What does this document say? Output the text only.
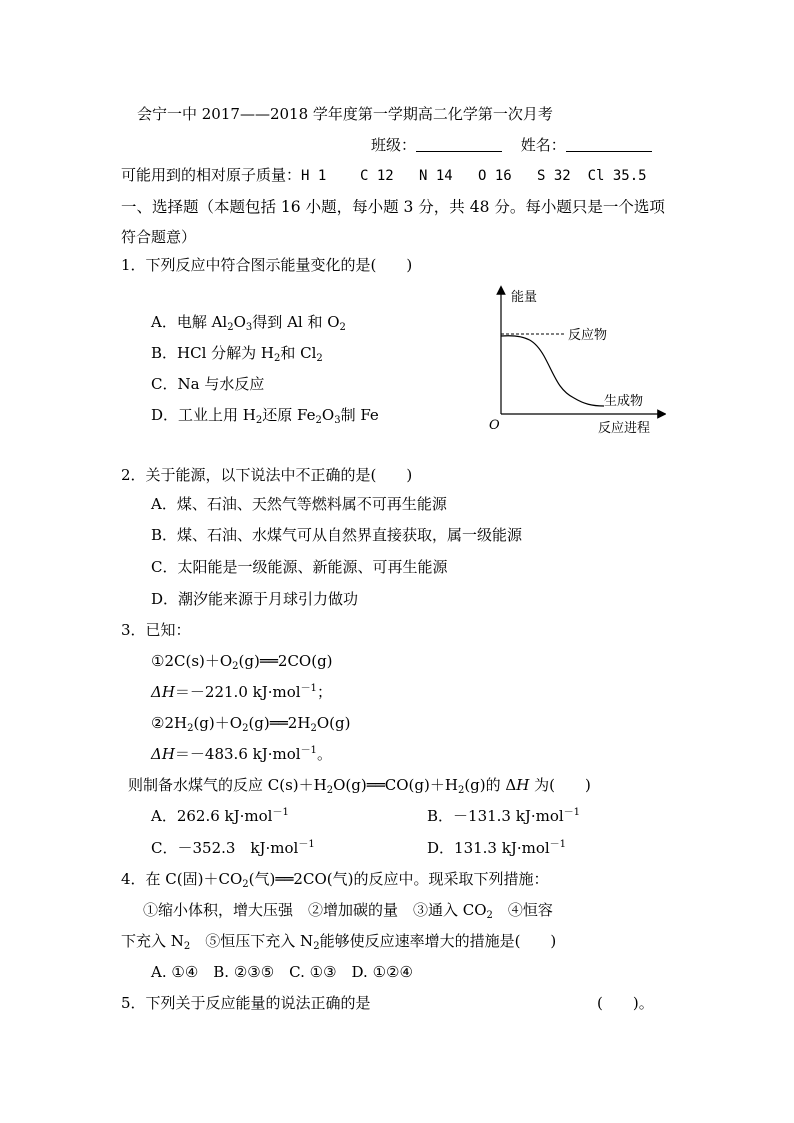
会宁一中 2017——2018 学年度第一学期高二化学第一次月考
班级：	姓名：
可能用到的相对原子质量：H 1    C 12   N 14   O 16   S 32  Cl 35.5
一、选择题（本题包括 16 小题，每小题 3 分，共 48 分。每小题只是一个选项
符合题意）
1．下列反应中符合图示能量变化的是(　　)
A．电解 $Al_2O_3$得到 Al 和 $O_2$
B．HCl 分解为 $H_2$和 $Cl_2$
C．Na 与水反应
D．工业上用 $H_2$还原 $Fe_2O_3$制 Fe
能量
反应物
生成物
O	反应进程
2．关于能源，以下说法中不正确的是(　　)
A．煤、石油、天然气等燃料属不可再生能源
B．煤、石油、水煤气可从自然界直接获取，属一级能源
C．太阳能是一级能源、新能源、可再生能源
D．潮汐能来源于月球引力做功
3．已知：
$①2C(s)+O_2(g)══2CO(g)$
ΔH＝－221.0 kJ·mol$^{-1}$；
$②2H_2(g)+O_2(g)══2H_2O(g)$
ΔH＝－483.6 kJ·mol$^{-1}$。
则制备水煤气的反应 $C(s)+H_2O(g)══CO(g)+H_2(g)$的 ΔH 为(　　)
A．262.6 kJ·mol$^{-1}$	B．－131.3 kJ·mol$^{-1}$
C．－352.3　kJ·mol$^{-1}$	D．131.3 kJ·mol$^{-1}$
4．在 C(固)$+CO_2$(气)══2CO(气)的反应中。现采取下列措施：
①缩小体积，增大压强　②增加碳的量　③通入 $CO_2$　④恒容
下充入 $N_2$　⑤恒压下充入 $N_2$能够使反应速率增大的措施是(　　)
A. ①④　B. ②③⑤　C. ①③　D. ①②④
5．下列关于反应能量的说法正确的是	(　　)。
